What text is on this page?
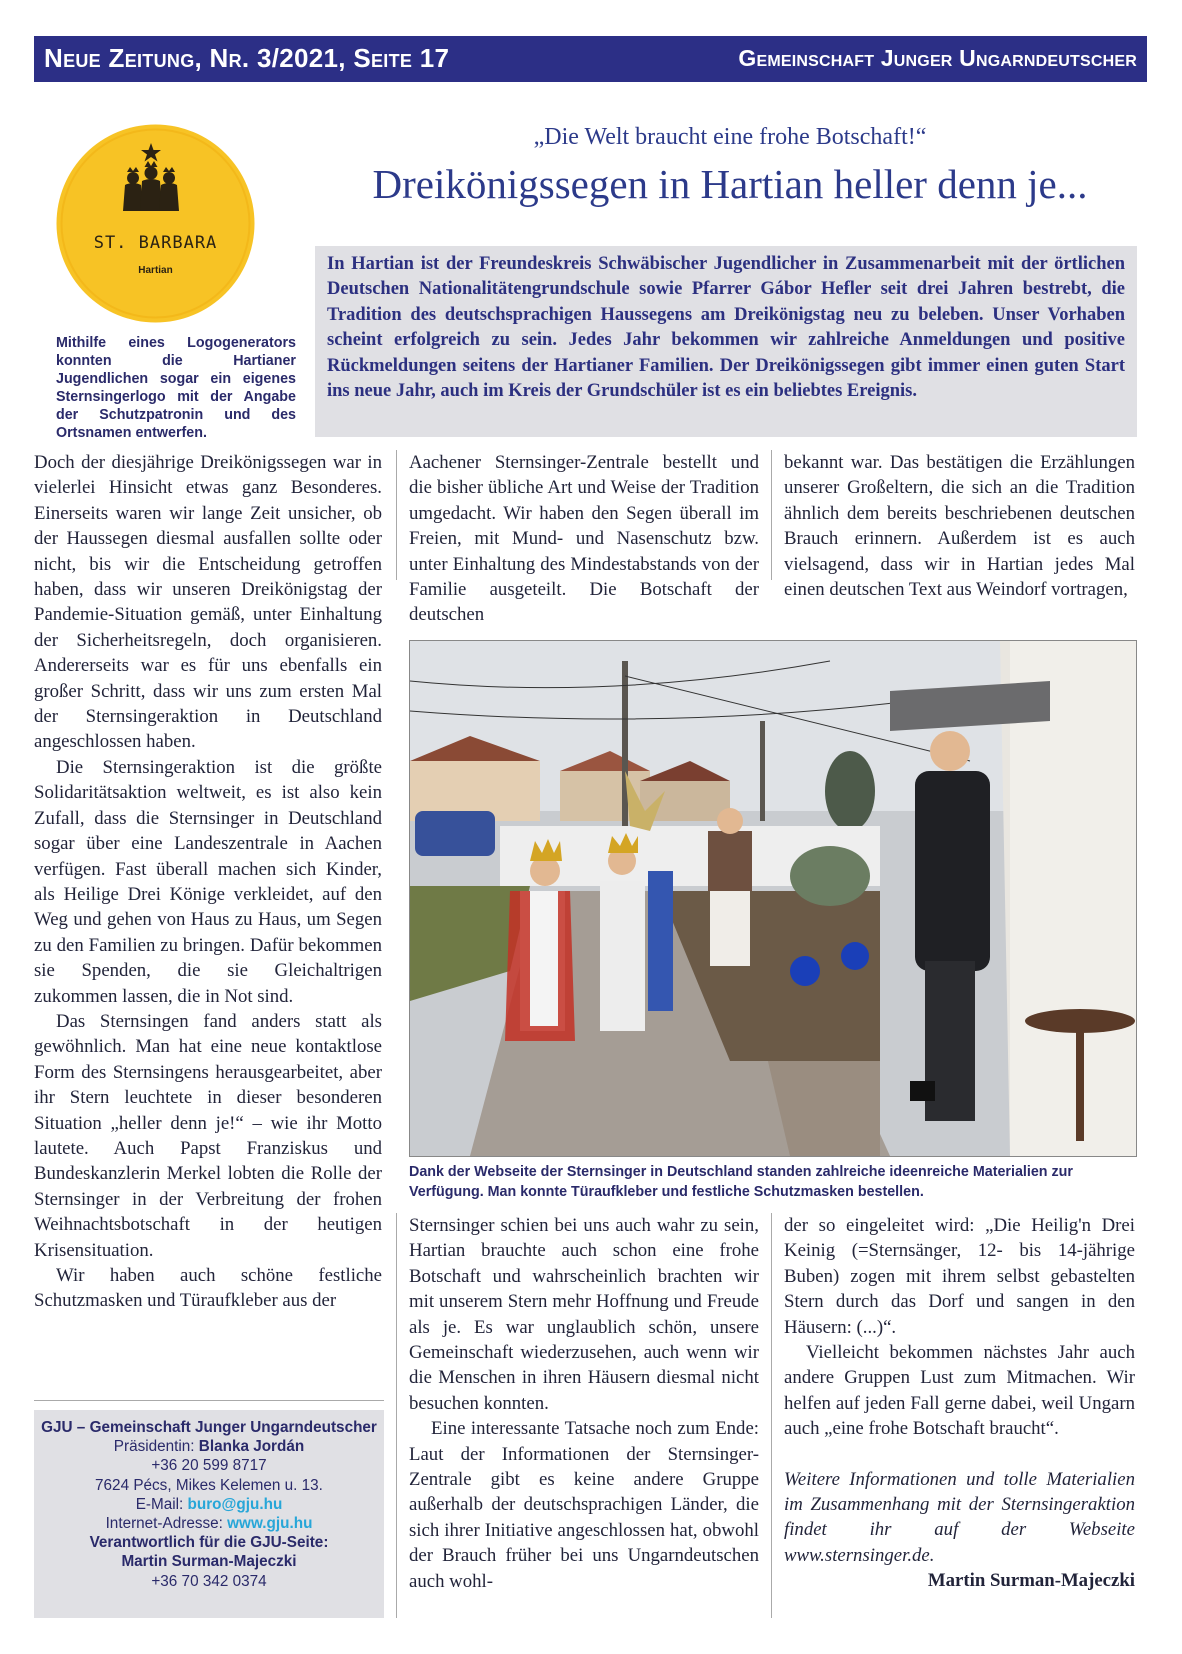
Neue Zeitung, Nr. 3/2021, Seite 17	Gemeinschaft Junger Ungarndeutscher
ST. BARBARA
Hartian
Mithilfe eines Logogenerators konnten die Hartianer Jugendlichen sogar ein eigenes Sternsingerlogo mit der Angabe der Schutzpatronin und des Ortsnamen entwerfen.
„Die Welt braucht eine frohe Botschaft!“
Dreikönigssegen in Hartian heller denn je...

In Hartian ist der Freundeskreis Schwäbischer Jugendlicher in Zusammenarbeit mit der örtlichen Deutschen Nationalitätengrundschule sowie Pfarrer Gábor Hefler seit drei Jahren bestrebt, die Tradition des deutschsprachigen Haussegens am Dreikönigstag neu zu beleben. Unser Vorhaben scheint erfolgreich zu sein. Jedes Jahr bekommen wir zahlreiche Anmeldungen und positive Rückmeldungen seitens der Hartianer Familien. Der Dreikönigssegen gibt immer einen guten Start ins neue Jahr, auch im Kreis der Grundschüler ist es ein beliebtes Ereignis.

Doch der diesjährige Dreikönigssegen war in vielerlei Hinsicht etwas ganz Besonderes. Einerseits waren wir lange Zeit unsicher, ob der Haussegen diesmal ausfallen sollte oder nicht, bis wir die Entscheidung getroffen haben, dass wir unseren Dreikönigstag der Pandemie-Situation gemäß, unter Einhaltung der Sicherheitsregeln, doch organisieren. Andererseits war es für uns ebenfalls ein großer Schritt, dass wir uns zum ersten Mal der Sternsingeraktion in Deutschland angeschlossen haben.

Die Sternsingeraktion ist die größte Solidaritätsaktion weltweit, es ist also kein Zufall, dass die Sternsinger in Deutschland sogar über eine Landeszentrale in Aachen verfügen. Fast überall machen sich Kinder, als Heilige Drei Könige verkleidet, auf den Weg und gehen von Haus zu Haus, um Segen zu den Familien zu bringen. Dafür bekommen sie Spenden, die sie Gleichaltrigen zukommen lassen, die in Not sind.

Das Sternsingen fand anders statt als gewöhnlich. Man hat eine neue kontaktlose Form des Sternsingens herausgearbeitet, aber ihr Stern leuchtete in dieser besonderen Situation „heller denn je!“ – wie ihr Motto lautete. Auch Papst Franziskus und Bundeskanzlerin Merkel lobten die Rolle der Sternsinger in der Verbreitung der frohen Weihnachtsbotschaft in der heutigen Krisensituation.

Wir haben auch schöne festliche Schutzmasken und Türaufkleber aus der

Aachener Sternsinger-Zentrale bestellt und die bisher übliche Art und Weise der Tradition umgedacht. Wir haben den Segen überall im Freien, mit Mund- und Nasenschutz bzw. unter Einhaltung des Mindestabstands von der Familie ausgeteilt. Die Botschaft der deutschen

bekannt war. Das bestätigen die Erzählungen unserer Großeltern, die sich an die Tradition ähnlich dem bereits beschriebenen deutschen Brauch erinnern. Außerdem ist es auch vielsagend, dass wir in Hartian jedes Mal einen deutschen Text aus Weindorf vortragen,

Dank der Webseite der Sternsinger in Deutschland standen zahlreiche ideenreiche Materialien zur Verfügung. Man konnte Türaufkleber und festliche Schutzmasken bestellen.

Sternsinger schien bei uns auch wahr zu sein, Hartian brauchte auch schon eine frohe Botschaft und wahrscheinlich brachten wir mit unserem Stern mehr Hoffnung und Freude als je. Es war unglaublich schön, unsere Gemeinschaft wiederzusehen, auch wenn wir die Menschen in ihren Häusern diesmal nicht besuchen konnten.

Eine interessante Tatsache noch zum Ende: Laut der Informationen der Sternsinger-Zentrale gibt es keine andere Gruppe außerhalb der deutschsprachigen Länder, die sich ihrer Initiative angeschlossen hat, obwohl der Brauch früher bei uns Ungarndeutschen auch wohl-

der so eingeleitet wird: „Die Heilig'n Drei Keinig (=Sternsänger, 12- bis 14-jährige Buben) zogen mit ihrem selbst gebastelten Stern durch das Dorf und sangen in den Häusern: (...)“.

Vielleicht bekommen nächstes Jahr auch andere Gruppen Lust zum Mitmachen. Wir helfen auf jeden Fall gerne dabei, weil Ungarn auch „eine frohe Botschaft braucht“.

Weitere Informationen und tolle Materialien im Zusammenhang mit der Sternsingeraktion findet ihr auf der Webseite www.sternsinger.de.

Martin Surman-Majeczki

GJU – Gemeinschaft Junger Ungarndeutscher
Präsidentin: Blanka Jordán
+36 20 599 8717
7624 Pécs, Mikes Kelemen u. 13.
E-Mail: buro@gju.hu
Internet-Adresse: www.gju.hu
Verantwortlich für die GJU-Seite:
Martin Surman-Majeczki
+36 70 342 0374
